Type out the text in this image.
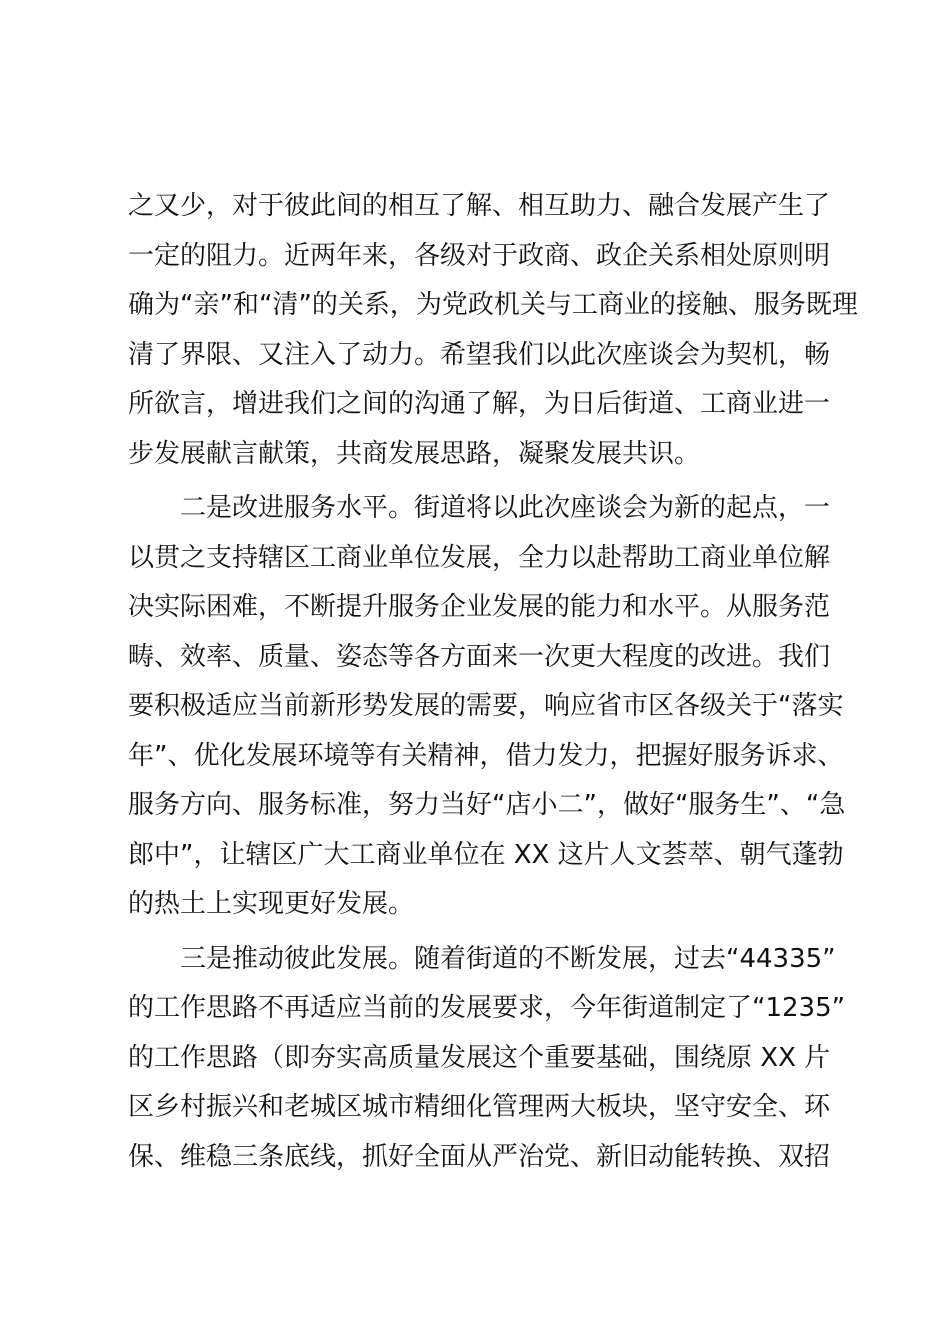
之又少，对于彼此间的相互了解、相互助力、融合发展产生了
一定的阻力。近两年来，各级对于政商、政企关系相处原则明
确为“亲”和“清”的关系，为党政机关与工商业的接触、服务既理
清了界限、又注入了动力。希望我们以此次座谈会为契机，畅
所欲言，增进我们之间的沟通了解，为日后街道、工商业进一
步发展献言献策，共商发展思路，凝聚发展共识。
二是改进服务水平。街道将以此次座谈会为新的起点，一
以贯之支持辖区工商业单位发展，全力以赴帮助工商业单位解
决实际困难，不断提升服务企业发展的能力和水平。从服务范
畴、效率、质量、姿态等各方面来一次更大程度的改进。我们
要积极适应当前新形势发展的需要，响应省市区各级关于“落实
年”、优化发展环境等有关精神，借力发力，把握好服务诉求、
服务方向、服务标准，努力当好“店小二”，做好“服务生”、“急
郎中”，让辖区广大工商业单位在 XX 这片人文荟萃、朝气蓬勃
的热土上实现更好发展。
三是推动彼此发展。随着街道的不断发展，过去“44335”
的工作思路不再适应当前的发展要求，今年街道制定了“1235”
的工作思路（即夯实高质量发展这个重要基础，围绕原 XX 片
区乡村振兴和老城区城市精细化管理两大板块，坚守安全、环
保、维稳三条底线，抓好全面从严治党、新旧动能转换、双招
